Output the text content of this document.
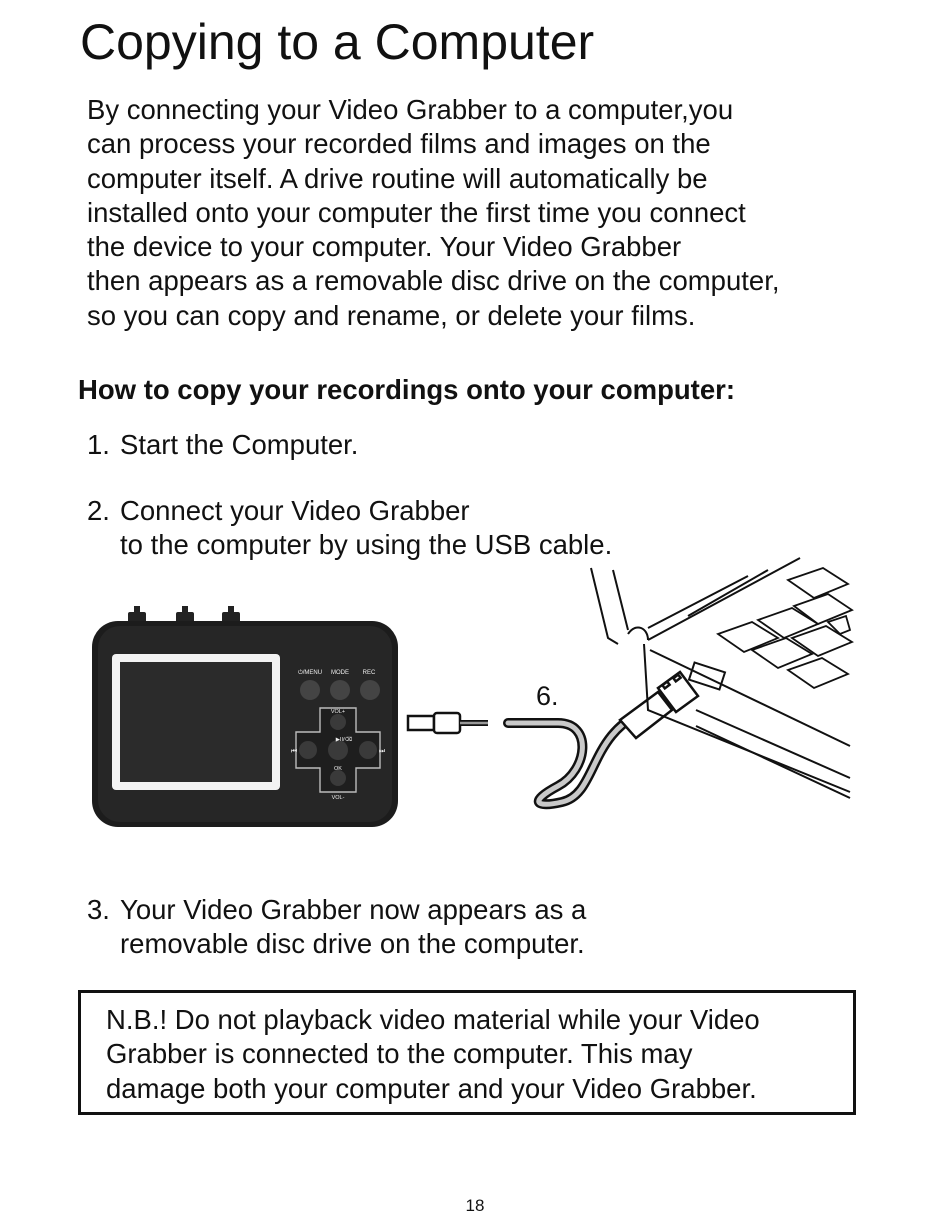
Copying to a Computer
By connecting your Video Grabber to a computer,you
can process your recorded films and images on the
computer itself. A drive routine will automatically be
installed onto your computer the first time you connect
the device to your computer. Your Video Grabber
then appears as a removable disc drive on the computer,
so you can copy and rename, or delete your films.
How to copy your recordings onto your computer:
1. Start the Computer.
2. Connect your Video Grabber
to the computer by using the USB cable.
⏻/MENU MODE REC
VOL+
▶II/⌫
OK
VOL-
⏮	⏭
6.
3. Your Video Grabber now appears as a
removable disc drive on the computer.
N.B.! Do not playback video material while your Video
Grabber is connected to the computer. This may
damage both your computer and your Video Grabber.
18
